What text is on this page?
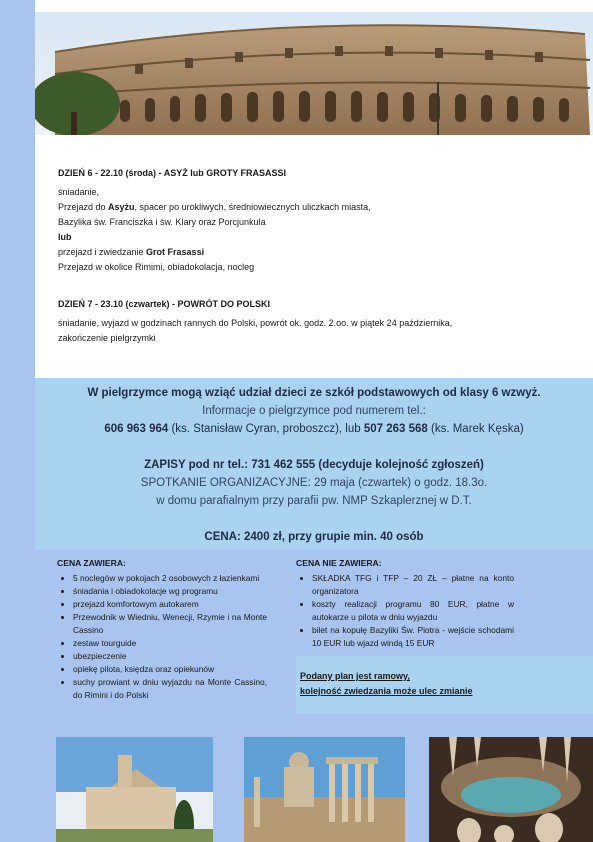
DZIEŃ 6 - 22.10 (środa) - ASYŻ lub GROTY FRASASSI

śniadanie,

Przejazd do Asyżu, spacer po urokliwych, średniowiecznych uliczkach miasta,

Bazylika św. Franciszka i św. Klary oraz Porcjunkula

lub

przejazd i zwiedzanie Grot Frasassi

Przejazd w okolice Rimimi, obiadokolacja, nocleg

DZIEŃ 7 - 23.10 (czwartek) - POWRÓT DO POLSKI

śniadanie, wyjazd w godzinach rannych do Polski, powrót ok. godz. 2.oo. w piątek 24 października,

zakończenie pielgrzymki

W pielgrzymce mogą wziąć udział dzieci ze szkół podstawowych od klasy 6 wzwyż.

Informacje o pielgrzymce pod numerem tel.:

606 963 964 (ks. Stanisław Cyran, proboszcz), lub 507 263 568 (ks. Marek Kęska)

ZAPISY pod nr tel.: 731 462 555 (decyduje kolejność zgłoszeń)

SPOTKANIE ORGANIZACYJNE: 29 maja (czwartek) o godz. 18.3o.

w domu parafialnym przy parafii pw. NMP Szkaplerznej w D.T.

CENA: 2400 zł, przy grupie min. 40 osób

CENA ZAWIERA:
• 5 noclegów w pokojach 2 osobowych z łazienkami
• śniadania i obiadokolacje wg programu
• przejazd komfortowym autokarem
• Przewodnik w Wiedniu, Wenecji, Rzymie i na Monte Cassino
• zestaw tourguide
• ubezpieczenie
• opiekę pilota, księdza oraz opiekunów
• suchy prowiant w dniu wyjazdu na Monte Cassino, do Rimini i do Polski
CENA NIE ZAWIERA:
• SKŁADKA TFG i TFP – 20 ZŁ – płatne na konto organizatora
• koszty realizacji programu 80 EUR, płatne w autokarze u pilota w dniu wyjazdu
• bilet na kopułę Bazyliki Św. Piotra - wejście schodami 10 EUR lub wjazd windą 15 EUR
Podany plan jest ramowy,
kolejność zwiedzania może ulec zmianie
